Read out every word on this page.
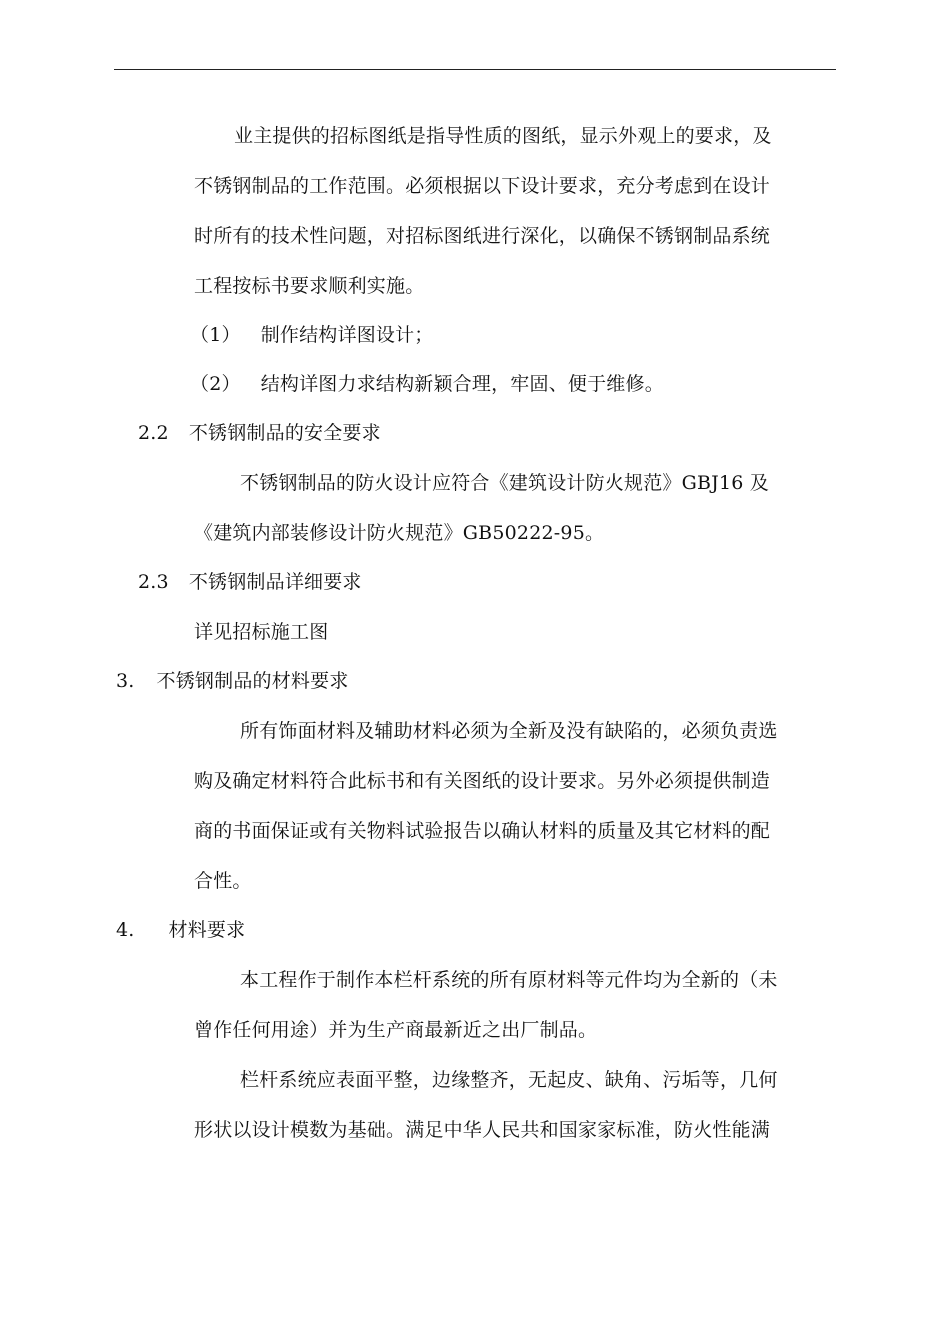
业主提供的招标图纸是指导性质的图纸，显示外观上的要求，及
不锈钢制品的工作范围。必须根据以下设计要求，充分考虑到在设计
时所有的技术性问题，对招标图纸进行深化，以确保不锈钢制品系统
工程按标书要求顺利实施。
（1） 制作结构详图设计；
（2） 结构详图力求结构新颖合理，牢固、便于维修。
2.2 不锈钢制品的安全要求
不锈钢制品的防火设计应符合《建筑设计防火规范》GBJ16 及
《建筑内部装修设计防火规范》GB50222-95。
2.3 不锈钢制品详细要求
详见招标施工图
3. 不锈钢制品的材料要求
所有饰面材料及辅助材料必须为全新及没有缺陷的，必须负责选
购及确定材料符合此标书和有关图纸的设计要求。另外必须提供制造
商的书面保证或有关物料试验报告以确认材料的质量及其它材料的配
合性。
4. 材料要求
本工程作于制作本栏杆系统的所有原材料等元件均为全新的（未
曾作任何用途）并为生产商最新近之出厂制品。
栏杆系统应表面平整，边缘整齐，无起皮、缺角、污垢等，几何
形状以设计模数为基础。满足中华人民共和国家家标准，防火性能满
